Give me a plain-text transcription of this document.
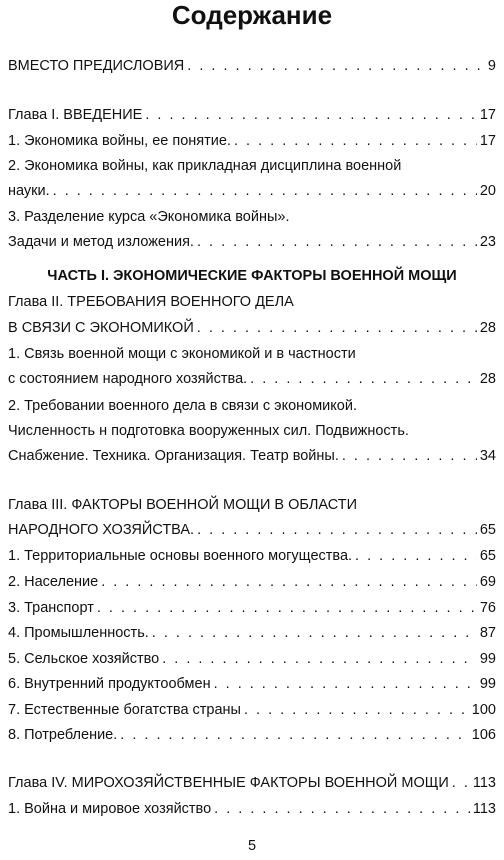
Содержание
ВМЕСТО ПРЕДИСЛОВИЯ . . .	9
Глава I. ВВЕДЕНИЕ . . .	17
1. Экономика войны, ее понятие. . . .	17
2. Экономика войны, как прикладная дисциплина военной
науки. . . .	20
3. Разделение курса «Экономика войны».
Задачи и метод изложения. . . .	23
ЧАСТЬ I. ЭКОНОМИЧЕСКИЕ ФАКТОРЫ ВОЕННОЙ МОЩИ
Глава II. ТРЕБОВАНИЯ ВОЕННОГО ДЕЛА
В СВЯЗИ С ЭКОНОМИКОЙ . . .	28
1. Связь военной мощи с экономикой и в частности
с состоянием народного хозяйства. . . .	28
2. Требовании военного дела в связи с экономикой.
Численность н подготовка вооруженных сил. Подвижность.
Снабжение. Техника. Организация. Театр войны. . . .	34
Глава III. ФАКТОРЫ ВОЕННОЙ МОЩИ В ОБЛАСТИ
НАРОДНОГО ХОЗЯЙСТВА. . . .	65
1. Территориальные основы военного могущества. . . .	65
2. Население . . .	69
3. Транспорт . . .	76
4. Промышленность. . . .	87
5. Сельское хозяйство . . .	99
6. Внутренний продуктообмен . . .	99
7. Естественные богатства страны . . .	100
8. Потребление. . . .	106
Глава IV. МИРОХОЗЯЙСТВЕННЫЕ ФАКТОРЫ ВОЕННОЙ МОЩИ . . . 113
1. Война и мировое хозяйство . . .	113
5
